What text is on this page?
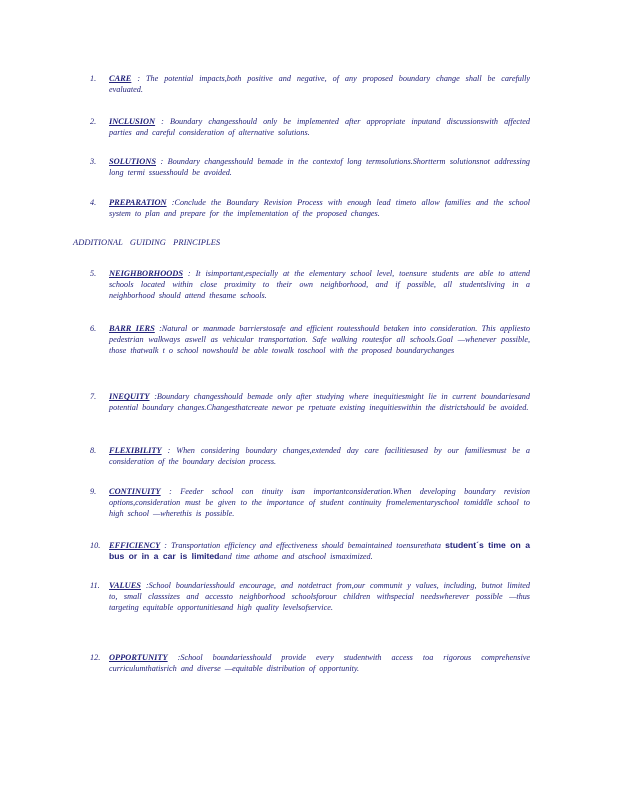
1.	CARE : The potential impacts,both positive and negative, of any proposed boundary change shall be carefully evaluated.
2.	INCLUSION : Boundary changesshould only be implemented after appropriate inputand discussionswith affected parties and careful consideration of alternative solutions.
3.	SOLUTIONS : Boundary changesshould bemade in the contextof long termsolutions.Shortterm solutionsnot addressing long termi ssuesshould be avoided.
4.	PREPARATION :Conclude the Boundary Revision Process with enough lead timeto allow families and the school system to plan and prepare for the implementation of the proposed changes.
ADDITIONAL GUIDING PRINCIPLES
5.	NEIGHBORHOODS : It isimportant,especially at the elementary school level, toensure students are able to attend schools located within close proximity to their own neighborhood, and if possible, all studentsliving in a neighborhood should attend thesame schools.
6.	BARR IERS :Natural or manmade barrierstosafe and efficient routesshould betaken into consideration. This appliesto pedestrian walkways aswell as vehicular transportation. Safe walking routesfor all schools.Goal —whenever possible, those thatwalk t o school nowshould be able towalk toschool with the proposed boundarychanges
7.	INEQUITY :Boundary changesshould bemade only after studying where inequitiesmight lie in current boundariesand potential boundary changes.Changesthatcreate newor pe rpetuate existing inequitieswithin the districtshould be avoided.
8.	FLEXIBILITY : When considering boundary changes,extended day care facilitiesused by our familiesmust be a consideration of the boundary decision process.
9.	CONTINUITY : Feeder school con tinuity isan importantconsideration.When developing boundary revision options,consideration must be given to the importance of student continuity fromelementaryschool tomiddle school to high school —wherethis is possible.
10.	EFFICIENCY : Transportation efficiency and effectiveness should bemaintained toensurethata student´s time on a bus or in a car is limitedand time athome and atschool ismaximized.
11.	VALUES :School boundariesshould encourage, and notdetract from,our communit y values, including, butnot limited to, small classsizes and accessto neighborhood schoolsforour children withspecial needswherever possible —thus targeting equitable opportunitiesand high quality levelsofservice.
12.	OPPORTUNITY :School boundariesshould provide every studentwith access toa rigorous comprehensive curriculumthatisrich and diverse —equitable distribution of opportunity.
